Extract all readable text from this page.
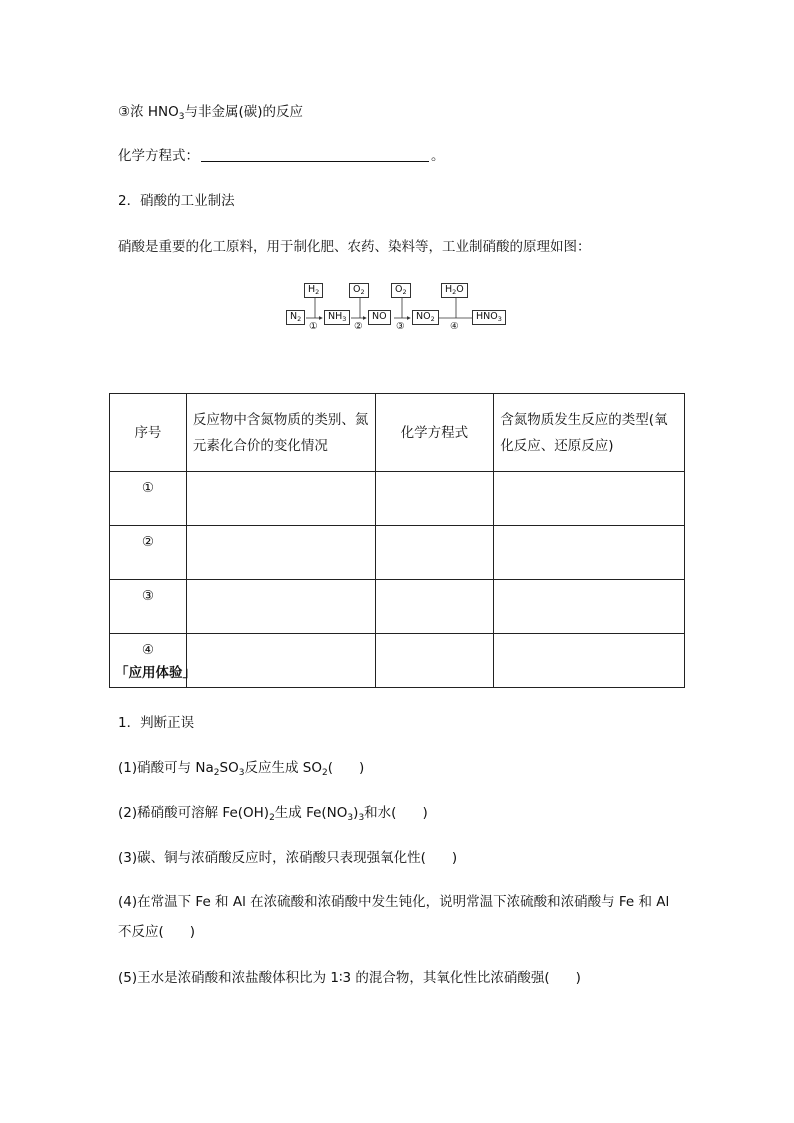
③浓 $HNO_3$与非金属(碳)的反应
化学方程式：	。
2．硝酸的工业制法
硝酸是重要的化工原料，用于制化肥、农药、染料等，工业制硝酸的原理如图：
$H_2$	$O_2$	$O_2$	$H_2O$
$N_2$	$NH_3$	NO	$NO_2$	$HNO_3$
①	②	③	④
序号	反应物中含氮物质的类别、氮元素化合价的变化情况	化学方程式	含氮物质发生反应的类型(氧化反应、还原反应)
①			
②			
③			
④			
「应用体验」
1．判断正误
(1)硝酸可与 $Na_2SO_3$反应生成 $SO_2$( )
(2)稀硝酸可溶解 $Fe(OH)_2$生成 $Fe(NO_3)_3$和水( )
(3)碳、铜与浓硝酸反应时，浓硝酸只表现强氧化性( )
(4)在常温下 Fe 和 Al 在浓硫酸和浓硝酸中发生钝化，说明常温下浓硫酸和浓硝酸与 Fe 和 Al
不反应( )
(5)王水是浓硝酸和浓盐酸体积比为 1∶3 的混合物，其氧化性比浓硝酸强( )
